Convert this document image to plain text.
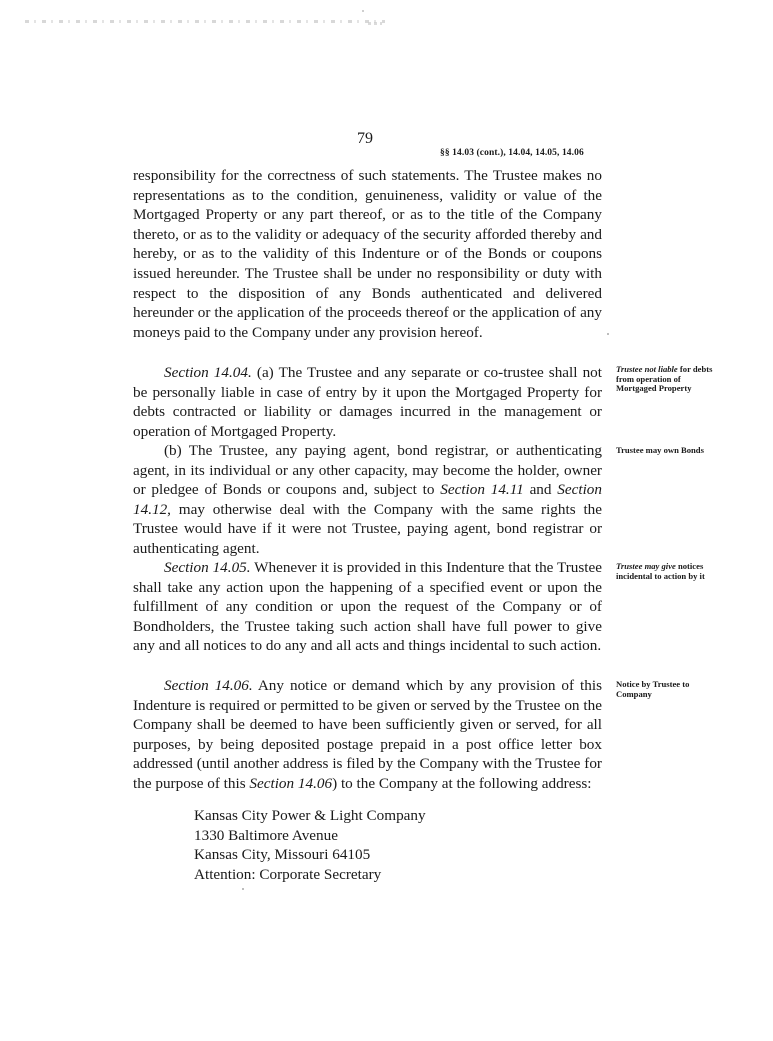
79
§§ 14.03 (cont.), 14.04, 14.05, 14.06

responsibility for the correctness of such statements. The Trustee makes no representations as to the condition, genuineness, validity or value of the Mortgaged Property or any part thereof, or as to the title of the Company thereto, or as to the validity or adequacy of the security afforded thereby and hereby, or as to the validity of this Indenture or of the Bonds or coupons issued hereunder. The Trustee shall be under no responsibility or duty with respect to the disposition of any Bonds authenticated and delivered hereunder or the application of the proceeds thereof or the application of any moneys paid to the Company under any provision hereof.

Section 14.04. (a) The Trustee and any separate or co-trustee shall not be personally liable in case of entry by it upon the Mortgaged Property for debts contracted or liability or damages incurred in the management or operation of Mortgaged Property.

(b) The Trustee, any paying agent, bond registrar, or authenticating agent, in its individual or any other capacity, may become the holder, owner or pledgee of Bonds or coupons and, subject to Section 14.11 and Section 14.12, may otherwise deal with the Company with the same rights the Trustee would have if it were not Trustee, paying agent, bond registrar or authenticating agent.

Section 14.05. Whenever it is provided in this Indenture that the Trustee shall take any action upon the happening of a specified event or upon the fulfillment of any condition or upon the request of the Company or of Bondholders, the Trustee taking such action shall have full power to give any and all notices to do any and all acts and things incidental to such action.

Section 14.06. Any notice or demand which by any provision of this Indenture is required or permitted to be given or served by the Trustee on the Company shall be deemed to have been sufficiently given or served, for all purposes, by being deposited postage prepaid in a post office letter box addressed (until another address is filed by the Company with the Trustee for the purpose of this Section 14.06) to the Company at the following address:

Kansas City Power & Light Company
1330 Baltimore Avenue
Kansas City, Missouri 64105
Attention: Corporate Secretary
Trustee not liable for debts from operation of Mortgaged Property
Trustee may own Bonds
Trustee may give notices incidental to action by it
Notice by Trustee to Company
